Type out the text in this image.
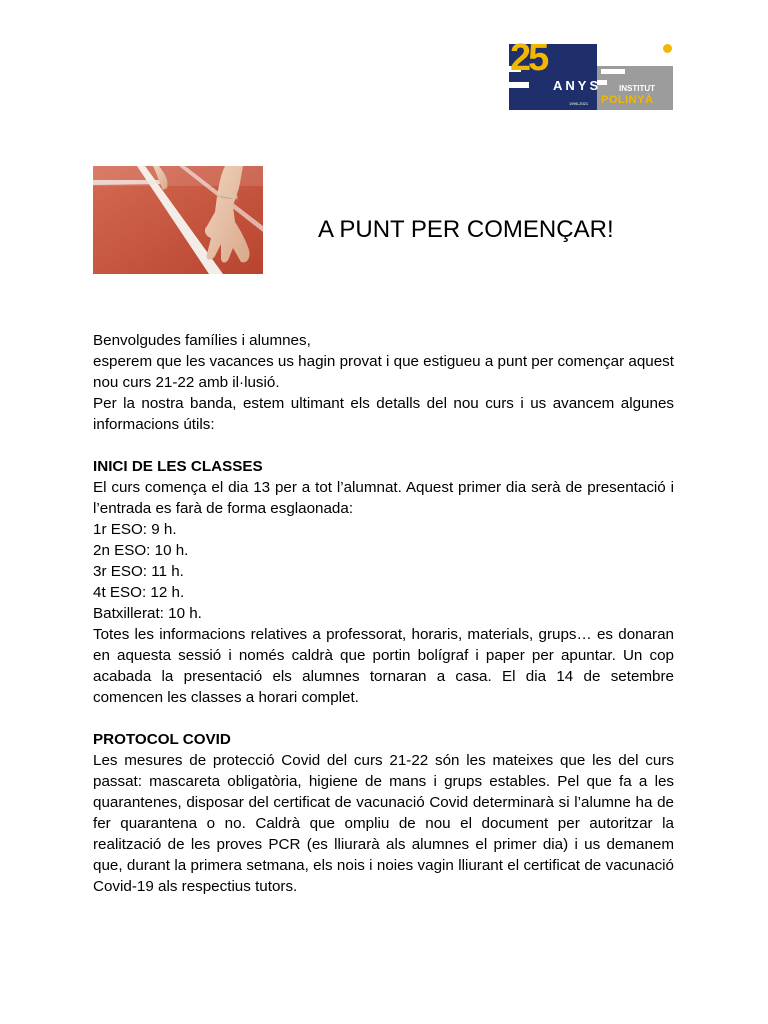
25
ANYS
1996-2021
INSTITUT
POLINYÀ
A PUNT PER COMENÇAR!

Benvolgudes famílies i alumnes,

esperem que les vacances us hagin provat i que estigueu a punt per començar aquest nou curs 21-22 amb il·lusió.

Per la nostra banda, estem ultimant els detalls del nou curs i us avancem algunes informacions útils:

INICI DE LES CLASSES

El curs comença el dia 13 per a tot l’alumnat. Aquest primer dia serà de presentació i l’entrada es farà de forma esglaonada:

1r ESO: 9 h.
2n ESO: 10 h.
3r ESO: 11 h.
4t ESO: 12 h.
Batxillerat: 10 h.

Totes les informacions relatives a professorat, horaris, materials, grups… es donaran en aquesta sessió i només caldrà que portin bolígraf i paper per apuntar. Un cop acabada la presentació els alumnes tornaran a casa. El dia 14 de setembre comencen les classes a horari complet.

PROTOCOL COVID

Les mesures de protecció Covid del curs 21-22 són les mateixes que les del curs passat: mascareta obligatòria, higiene de mans i grups estables. Pel que fa a les quarantenes, disposar del certificat de vacunació Covid determinarà si l’alumne ha de fer quarantena o no. Caldrà que ompliu de nou el document per autoritzar la realització de les proves PCR (es lliurarà als alumnes el primer dia) i us demanem que, durant la primera setmana, els nois i noies vagin lliurant el certificat de vacunació Covid-19 als respectius tutors.
